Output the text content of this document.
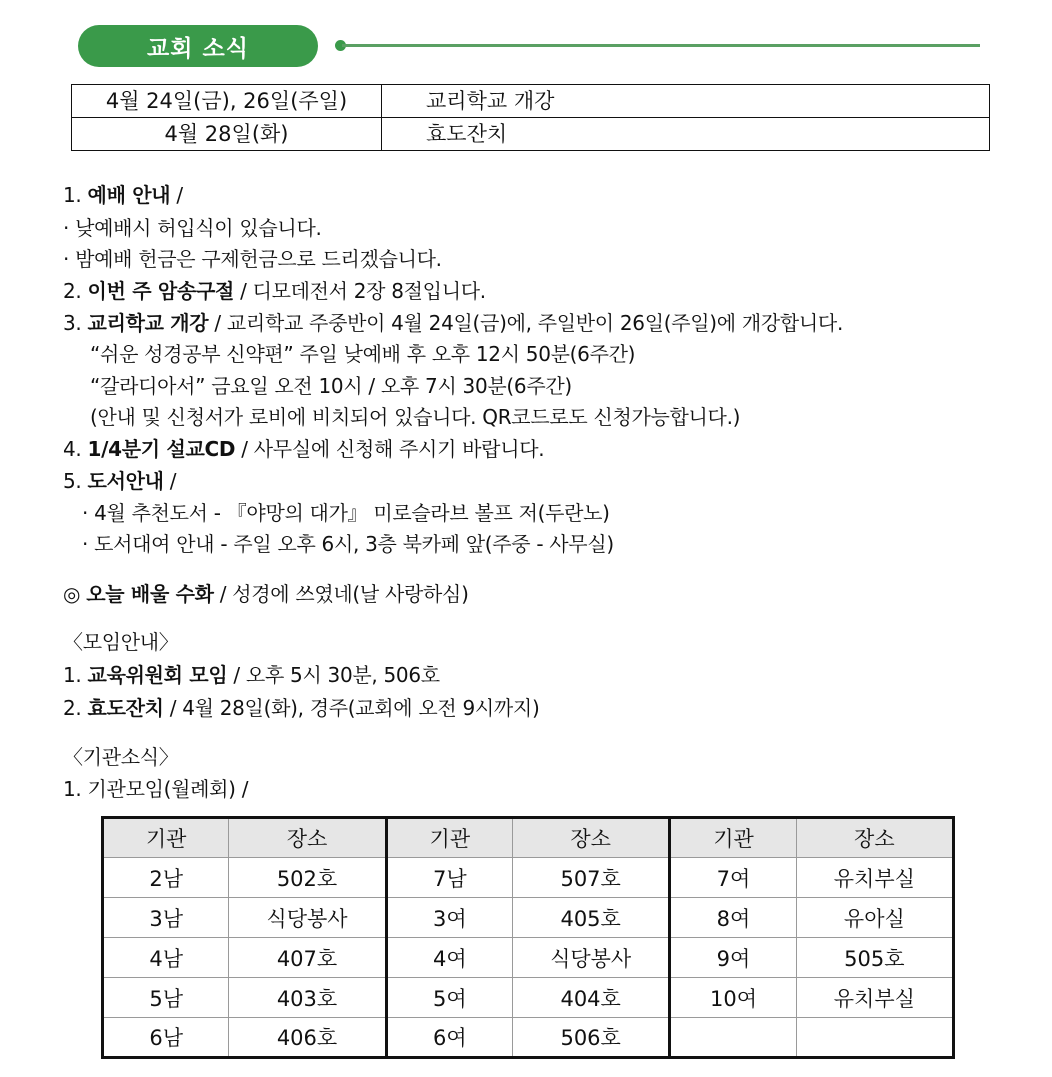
교회 소식
4월 24일(금), 26일(주일)	교리학교 개강
4월 28일(화)	효도잔치
1. 예배 안내 /
· 낮예배시 허입식이 있습니다.
· 밤예배 헌금은 구제헌금으로 드리겠습니다.
2. 이번 주 암송구절 / 디모데전서 2장 8절입니다.
3. 교리학교 개강 / 교리학교 주중반이 4월 24일(금)에, 주일반이 26일(주일)에 개강합니다.
“쉬운 성경공부 신약편” 주일 낮예배 후 오후 12시 50분(6주간)
“갈라디아서” 금요일 오전 10시 / 오후 7시 30분(6주간)
(안내 및 신청서가 로비에 비치되어 있습니다. QR코드로도 신청가능합니다.)
4. 1/4분기 설교CD / 사무실에 신청해 주시기 바랍니다.
5. 도서안내 /
· 4월 추천도서 - 『야망의 대가』 미로슬라브 볼프 저(두란노)
· 도서대여 안내 - 주일 오후 6시, 3층 북카페 앞(주중 - 사무실)
◎ 오늘 배울 수화 / 성경에 쓰였네(날 사랑하심)
〈모임안내〉
1. 교육위원회 모임 / 오후 5시 30분, 506호
2. 효도잔치 / 4월 28일(화), 경주(교회에 오전 9시까지)
〈기관소식〉
1. 기관모임(월례회) /
기관	장소	기관	장소	기관	장소
2남	502호	7남	507호	7여	유치부실
3남	식당봉사	3여	405호	8여	유아실
4남	407호	4여	식당봉사	9여	505호
5남	403호	5여	404호	10여	유치부실
6남	406호	6여	506호		
